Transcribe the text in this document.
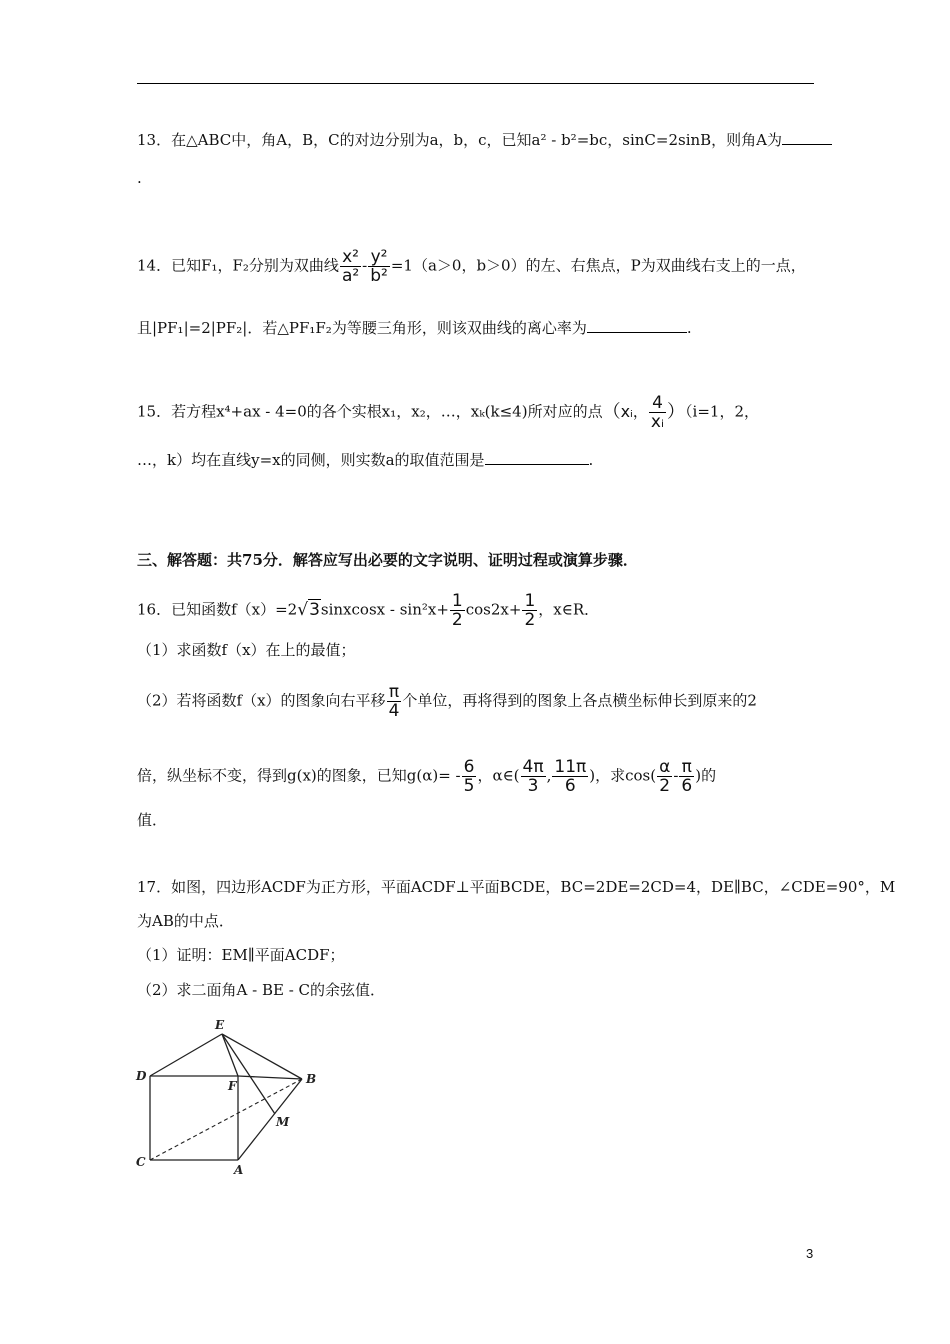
13．在△ABC中，角A，B，C的对边分别为a，b，c，已知a² - b²=bc，sinC=2sinB，则角A为
.
14．已知F₁，F₂分别为双曲线 $\frac{\text{x²}}{\text{a²}} - \frac{\text{y²}}{\text{b²}} =1(a>0$，b＞0）的左、右焦点，P为双曲线右支上的一点，
且|PF₁|=2|PF₂|．若△PF₁F₂为等腰三角形，则该双曲线的离心率为	.
15．若方程x⁴+ax - 4=0的各个实根x₁，x₂，…，xₖ(k≤4)所对应的点（xᵢ， $\frac{4}{\text{xᵢ}} )(i=1$，2，
…，k）均在直线y=x的同侧，则实数a的取值范围是	.
三、解答题：共75分．解答应写出必要的文字说明、证明过程或演算步骤．
16．已知函数f（x）=2√3sinxcosx - $\sin^2x+ \frac{1}{2} \cos 2x+ \frac{1}{2}$ ，x∈R．
（1）求函数f（x）在上的最值；
（2）若将函数f（x）的图象向右平移 $\frac{\pi}{4}$ 个单位，再将得到的图象上各点横坐标伸长到原来的2
倍，纵坐标不变，得到g(x)的图象，已知$g(\alpha)= - \frac{6}{5}$ ，α∈( $\frac{4\pi}{3}$ , $\frac{11\pi}{6}$ )，求$\cos( \frac{\alpha}{2} - \frac{\pi}{6}$ )的
值．
17．如图，四边形ACDF为正方形，平面ACDF⊥平面BCDE，BC=2DE=2CD=4，DE∥BC，∠CDE=90°，M
为AB的中点．
（1）证明：EM∥平面ACDF；
（2）求二面角A - BE - C的余弦值．
E
D
F	B
M
C
A
3
